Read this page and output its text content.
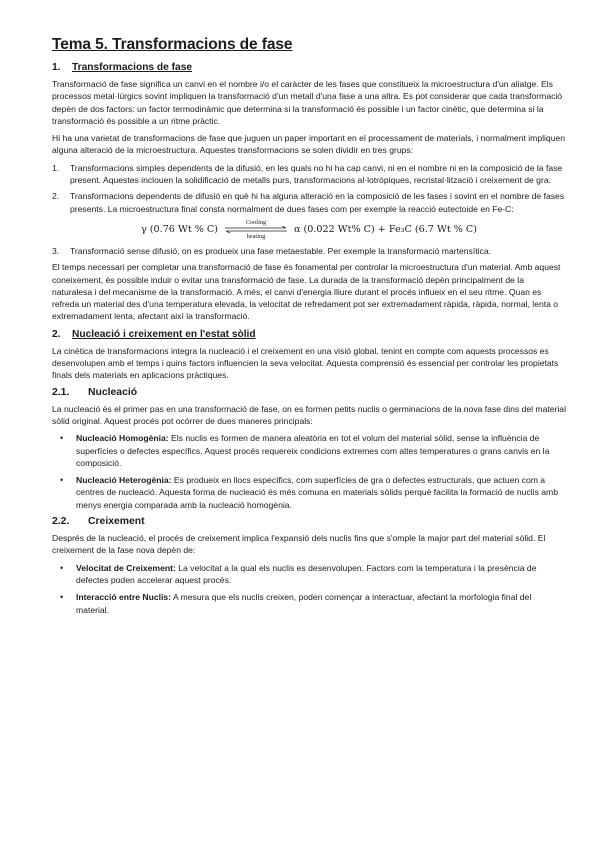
Tema 5. Transformacions de fase
1.	Transformacions de fase

Transformació de fase significa un canvi en el nombre i/o el caràcter de les fases que constitueix la microestructura d'un aliatge. Els processos metal·lúrgics sovint impliquen la transformació d'un metall d'una fase a una altra. Es pot considerar que cada transformació depèn de dos factors: un factor termodinàmic que determina si la transformació és possible i un factor cinètic, que determina si la transformació és possible a un ritme pràctic.

Hi ha una varietat de transformacions de fase que juguen un paper important en el processament de materials, i normalment impliquen alguna alteració de la microestructura. Aquestes transformacions se solen dividir en tres grups:

1.	Transformacions simples dependents de la difusió, en les quals no hi ha cap canvi, ni en el nombre ni en la composició de la fase present. Aquestes inclouen la solidificació de metalls purs, transformacions al·lotròpiques, recristal·lització i creixement de gra.
2.	Transformacions dependents de difusió en què hi ha alguna alteració en la composició de les fases i sovint en el nombre de fases presents. La microestructura final consta normalment de dues fases com per exemple la reacció eutectoide en Fe-C:
γ (0.76 Wt % C)
Cooling
heating
α (0.022 Wt% C) + Fe₃C (6.7 Wt % C)
3.	Transformació sense difusió, on es produeix una fase metaestable. Per exemple la transformació martensítica.

El temps necessari per completar una transformació de fase és fonamental per controlar la microestructura d'un material. Amb aquest coneixement, és possible induir o evitar una transformació de fase. La durada de la transformació depèn principalment de la naturalesa i del mecanisme de la transformació. A més, el canvi d'energia lliure durant el procés influeix en el seu ritme. Quan es refreda un material des d'una temperatura elevada, la velocitat de refredament pot ser extremadament ràpida, ràpida, normal, lenta o extremadament lenta, afectant així la transformació.

2.	Nucleació i creixement en l'estat sòlid

La cinètica de transformacions integra la nucleació i el creixement en una visió global, tenint en compte com aquests processos es desenvolupen amb el temps i quins factors influencien la seva velocitat. Aquesta comprensió és essencial per controlar les propietats finals dels materials en aplicacions pràctiques.

2.1.	Nucleació

La nucleació és el primer pas en una transformació de fase, on es formen petits nuclis o germinacions de la nova fase dins del material sòlid original. Aquest procés pot ocórrer de dues maneres principals:

•	Nucleació Homogènia: Els nuclis es formen de manera aleatòria en tot el volum del material sòlid, sense la influència de superfícies o defectes específics. Aquest procés requereix condicions extremes com altes temperatures o grans canvis en la composició.
•	Nucleació Heterogènia: Es produeix en llocs específics, com superfícies de gra o defectes estructurals, que actuen com a centres de nucleació. Aquesta forma de nucleació és més comuna en materials sòlids perquè facilita la formació de nuclis amb menys energia comparada amb la nucleació homogènia.
2.2.	Creixement

Després de la nucleació, el procés de creixement implica l'expansió dels nuclis fins que s'omple la major part del material sòlid. El creixement de la fase nova depèn de:

•	Velocitat de Creixement: La velocitat a la qual els nuclis es desenvolupen. Factors com la temperatura i la presència de defectes poden accelerar aquest procés.
•	Interacció entre Nuclis: A mesura que els nuclis creixen, poden començar a interactuar, afectant la morfologia final del material.
